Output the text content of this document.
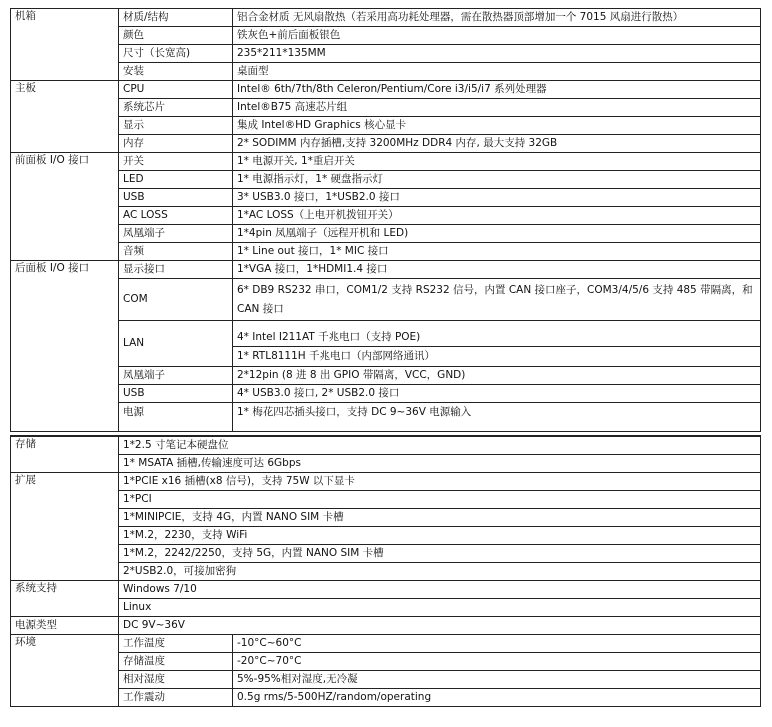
机箱	材质/结构	铝合金材质 无风扇散热（若采用高功耗处理器，需在散热器顶部增加一个 7015 风扇进行散热）
	颜色	铁灰色+前后面板银色
	尺寸（长宽高)	235*211*135MM
	安装	桌面型
主板	CPU	Intel® 6th/7th/8th Celeron/Pentium/Core i3/i5/i7 系列处理器
	系统芯片	Intel®B75 高速芯片组
	显示	集成 Intel®HD Graphics 核心显卡
	内存	2* SODIMM 内存插槽,支持 3200MHz DDR4 内存, 最大支持 32GB
前面板 I/O 接口	开关	1* 电源开关, 1*重启开关
	LED	1* 电源指示灯，1* 硬盘指示灯
	USB	3* USB3.0 接口，1*USB2.0 接口
	AC LOSS	1*AC LOSS（上电开机拨钮开关）
	凤凰端子	1*4pin 凤凰端子（远程开机和 LED)
	音频	1* Line out 接口，1* MIC 接口
后面板 I/O 接口	显示接口	1*VGA 接口，1*HDMI1.4 接口
	COM	6* DB9 RS232 串口，COM1/2 支持 RS232 信号，内置 CAN 接口座子，COM3/4/5/6 支持 485 带隔离，和 CAN 接口
	LAN	4* Intel I211AT 千兆电口（支持 POE)
		1* RTL8111H 千兆电口（内部网络通讯）
	凤凰端子	2*12pin (8 进 8 出 GPIO 带隔离，VCC，GND)
	USB	4* USB3.0 接口, 2* USB2.0 接口
	电源	1* 梅花四芯插头接口，支持 DC 9~36V 电源输入
存储	1*2.5 寸笔记本硬盘位	
	1* MSATA 插槽,传输速度可达 6Gbps	
扩展	1*PCIE x16 插槽(x8 信号)，支持 75W 以下显卡	
	1*PCI	
	1*MINIPCIE，支持 4G，内置 NANO SIM 卡槽	
	1*M.2，2230，支持 WiFi	
	1*M.2，2242/2250，支持 5G，内置 NANO SIM 卡槽	
	2*USB2.0，可接加密狗	
系统支持	Windows 7/10	
	Linux	
电源类型	DC 9V~36V	
环境	工作温度	-10°C~60°C
	存储温度	-20°C~70°C
	相对湿度	5%-95%相对湿度,无冷凝
	工作震动	0.5g rms/5-500HZ/random/operating
